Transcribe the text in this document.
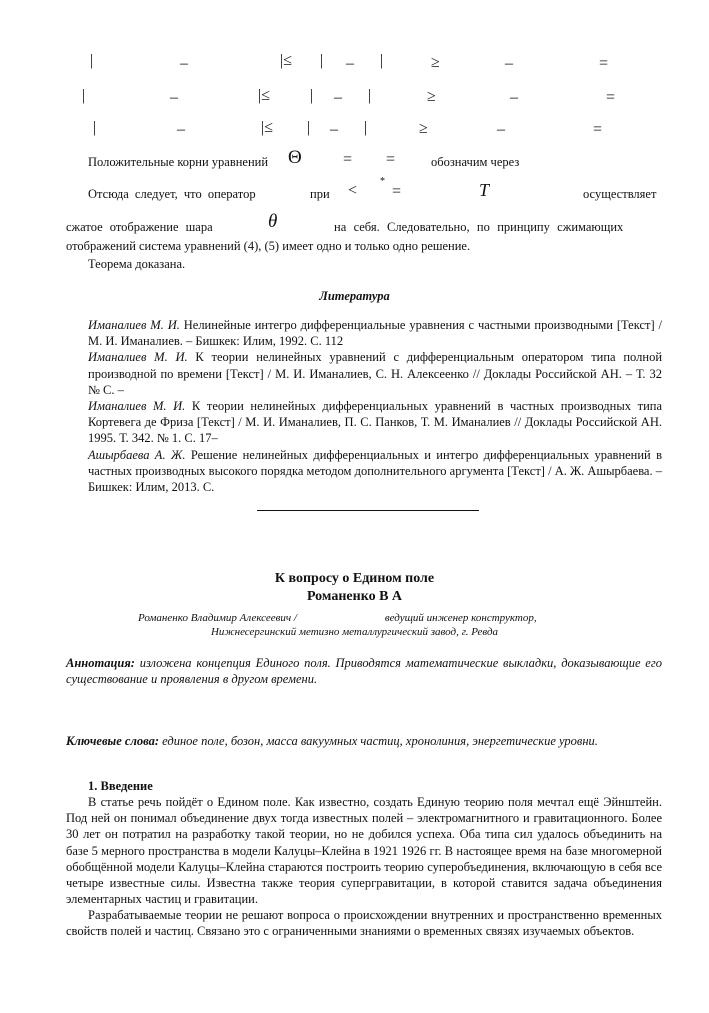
|	–	|≤ | – |	≥	–	=
|	–	|≤	| – |	≥	–	=
|	–	|≤ | – |	≥	–	=
Положительные корни уравнений Θ	= =	обозначим через
Отсюда следует, что оператор	при <
*
=	T	осуществляет
сжатое отображение шара	θ	на себя. Следовательно, по принципу сжимающих
отображений система уравнений (4), (5) имеет одно и только одно решение.
Теорема доказана.
Литература

Иманалиев М. И. Нелинейные интегро дифференциальные уравнения с частными производными [Текст] / М. И. Иманалиев. – Бишкек: Илим, 1992. С. 112

Иманалиев М. И. К теории нелинейных уравнений с дифференциальным оператором типа полной производной по времени [Текст] / М. И. Иманалиев, С. Н. Алексеенко // Доклады Российской АН. – Т. 32 № С. –

Иманалиев М. И. К теории нелинейных дифференциальных уравнений в частных производных типа Кортевега де Фриза [Текст] / М. И. Иманалиев, П. С. Панков, Т. М. Иманалиев // Доклады Российской АН. 1995. Т. 342. № 1. С. 17–

Ашырбаева А. Ж. Решение нелинейных дифференциальных и интегро дифференциальных уравнений в частных производных высокого порядка методом дополнительного аргумента [Текст] / А. Ж. Ашырбаева. – Бишкек: Илим, 2013. С.

К вопросу о Едином поле
Романенко В А
Романенко Владимир Алексеевич /                                ведущий инженер конструктор,
Нижнесергинский метизно металлургический завод, г. Ревда
Аннотация: изложена концепция Единого поля. Приводятся математические выкладки, доказывающие его существование и проявления в другом времени.
Ключевые слова: единое поле, бозон, масса вакуумных частиц, хронолиния, энергетические уровни.
1. Введение
В статье речь пойдёт о Едином поле. Как известно, создать Единую теорию поля мечтал ещё Эйнштейн. Под ней он понимал объединение двух тогда известных полей – электромагнитного и гравитационного. Более 30 лет он потратил на разработку такой теории, но не добился успеха. Оба типа сил удалось объединить на базе 5 мерного пространства в модели Калуцы–Клейна в 1921 1926 гг. В настоящее время на базе многомерной обобщённой модели Калуцы–Клейна стараются построить теорию суперобъединения, включающую в себя все четыре известные силы. Известна также теория супергравитации, в которой ставится задача объединения элементарных частиц и гравитации.
Разрабатываемые теории не решают вопроса о происхождении внутренних и пространственно временных свойств полей и частиц. Связано это с ограниченными знаниями о временных связях изучаемых объектов.
